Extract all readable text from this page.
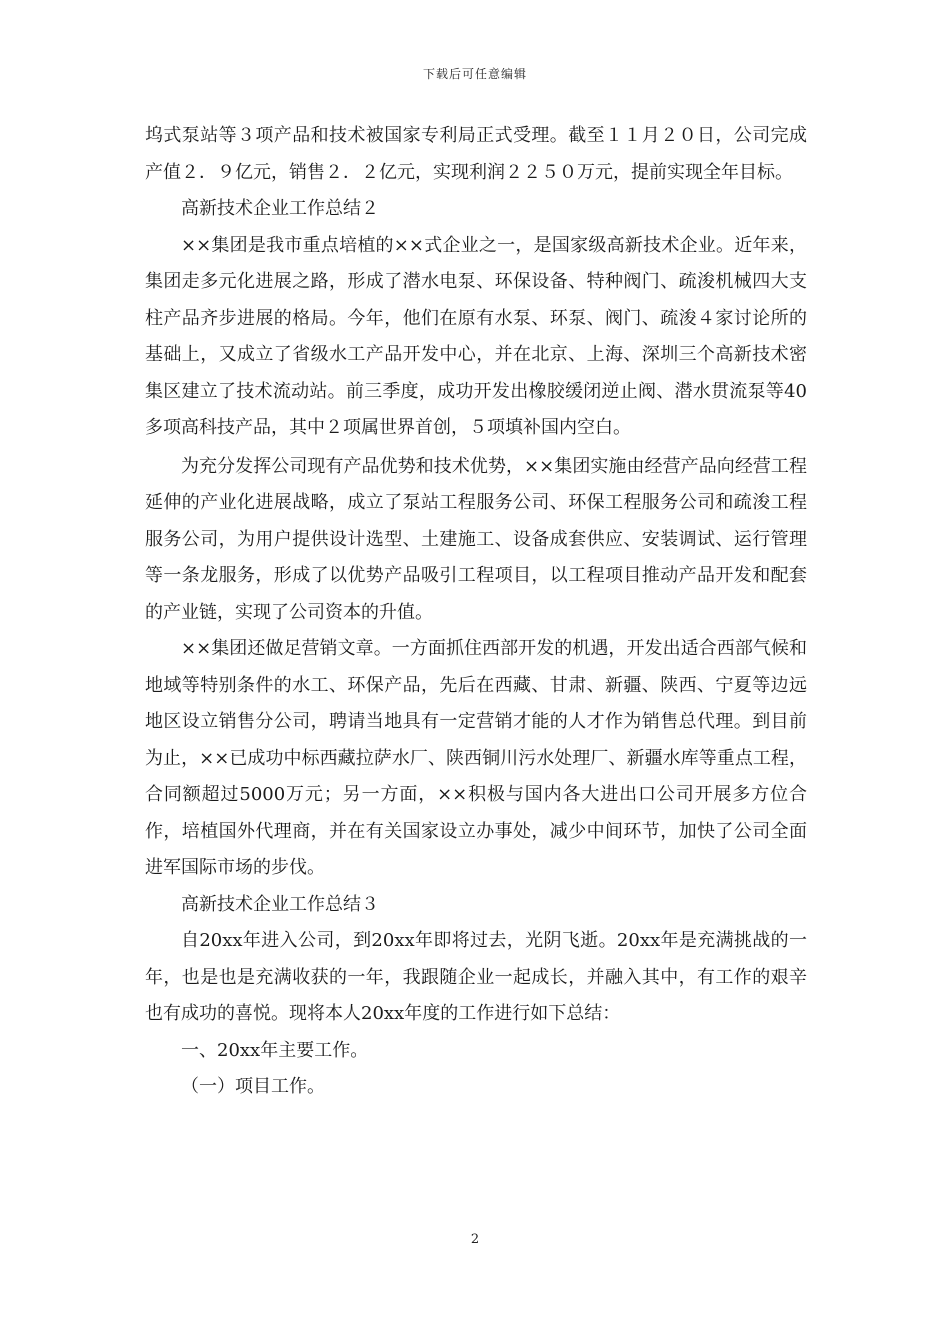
下载后可任意编辑

坞式泵站等３项产品和技术被国家专利局正式受理。截至１１月２０日，公司完成产值２．９亿元，销售２．２亿元，实现利润２２５０万元，提前实现全年目标。

高新技术企业工作总结２

××集团是我市重点培植的××式企业之一，是国家级高新技术企业。近年来，集团走多元化进展之路，形成了潜水电泵、环保设备、特种阀门、疏浚机械四大支柱产品齐步进展的格局。今年，他们在原有水泵、环泵、阀门、疏浚４家讨论所的基础上，又成立了省级水工产品开发中心，并在北京、上海、深圳三个高新技术密集区建立了技术流动站。前三季度，成功开发出橡胶缓闭逆止阀、潜水贯流泵等40多项高科技产品，其中２项属世界首创，５项填补国内空白。

为充分发挥公司现有产品优势和技术优势，××集团实施由经营产品向经营工程延伸的产业化进展战略，成立了泵站工程服务公司、环保工程服务公司和疏浚工程服务公司，为用户提供设计选型、土建施工、设备成套供应、安装调试、运行管理等一条龙服务，形成了以优势产品吸引工程项目，以工程项目推动产品开发和配套的产业链，实现了公司资本的升值。

××集团还做足营销文章。一方面抓住西部开发的机遇，开发出适合西部气候和地域等特别条件的水工、环保产品，先后在西藏、甘肃、新疆、陕西、宁夏等边远地区设立销售分公司，聘请当地具有一定营销才能的人才作为销售总代理。到目前为止，××已成功中标西藏拉萨水厂、陕西铜川污水处理厂、新疆水库等重点工程，合同额超过5000万元；另一方面，××积极与国内各大进出口公司开展多方位合作，培植国外代理商，并在有关国家设立办事处，减少中间环节，加快了公司全面进军国际市场的步伐。

高新技术企业工作总结３

自20xx年进入公司，到20xx年即将过去，光阴飞逝。20xx年是充满挑战的一年，也是也是充满收获的一年，我跟随企业一起成长，并融入其中，有工作的艰辛也有成功的喜悦。现将本人20xx年度的工作进行如下总结：

一、20xx年主要工作。

（一）项目工作。

2
